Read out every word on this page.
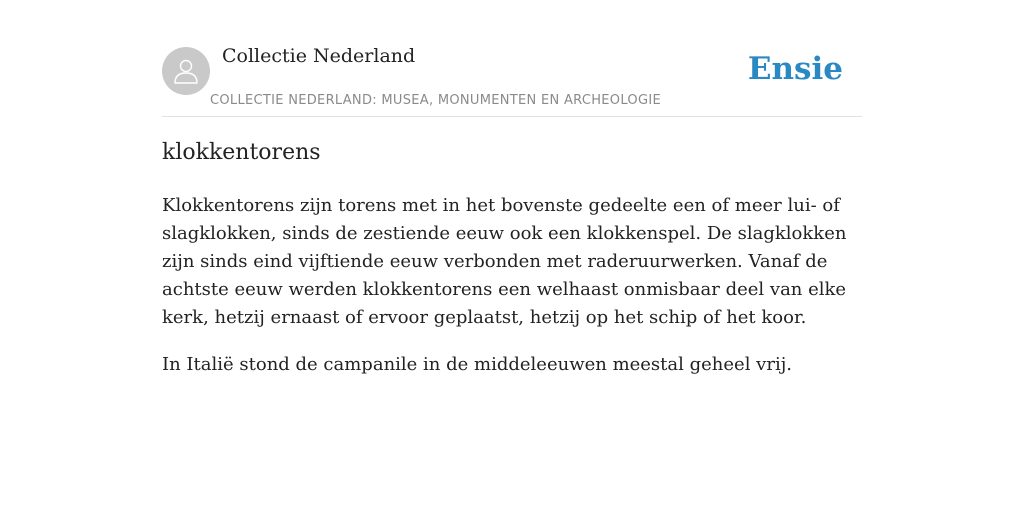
Collectie Nederland
COLLECTIE NEDERLAND: MUSEA, MONUMENTEN EN ARCHEOLOGIE
Ensie
klokkentorens

Klokkentorens zijn torens met in het bovenste gedeelte een of meer lui- of slagklokken, sinds de zestiende eeuw ook een klokkenspel. De slagklokken zijn sinds eind vijftiende eeuw verbonden met raderuurwerken. Vanaf de achtste eeuw werden klokkentorens een welhaast onmisbaar deel van elke kerk, hetzij ernaast of ervoor geplaatst, hetzij op het schip of het koor.

In Italië stond de campanile in de middeleeuwen meestal geheel vrij.
